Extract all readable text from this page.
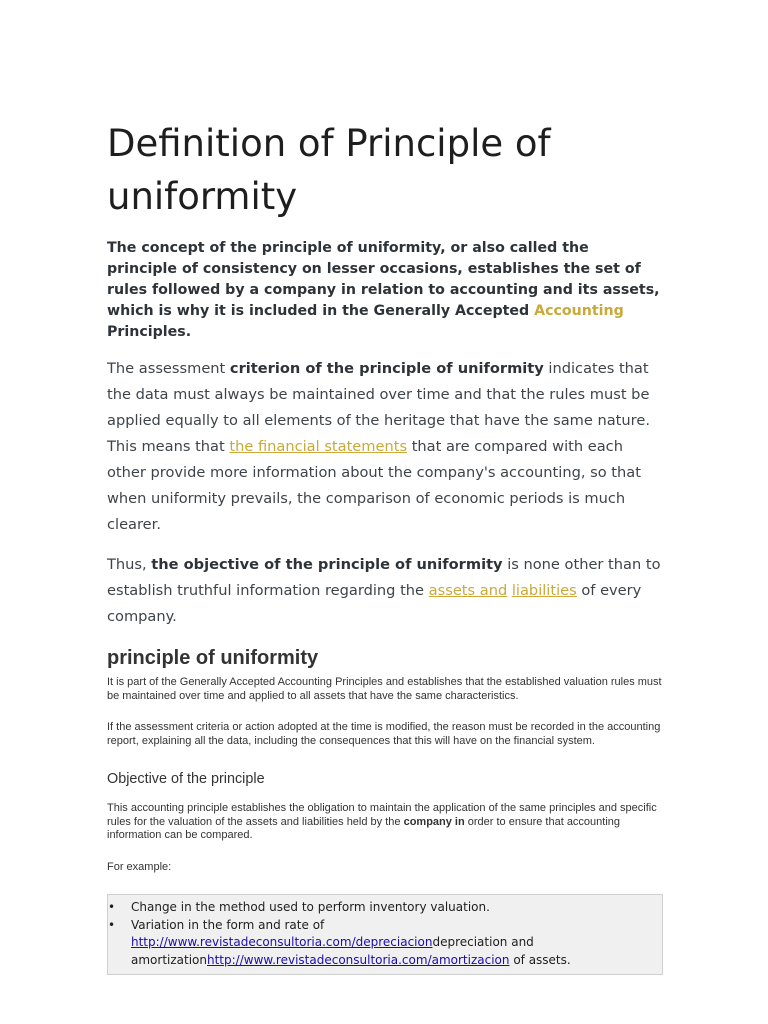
Definition of Principle of uniformity

The concept of the principle of uniformity, or also called the principle of consistency on lesser occasions, establishes the set of rules followed by a company in relation to accounting and its assets, which is why it is included in the Generally Accepted Accounting Principles.

The assessment criterion of the principle of uniformity indicates that the data must always be maintained over time and that the rules must be applied equally to all elements of the heritage that have the same nature. This means that the financial statements that are compared with each other provide more information about the company's accounting, so that when uniformity prevails, the comparison of economic periods is much clearer.

Thus, the objective of the principle of uniformity is none other than to establish truthful information regarding the assets and liabilities of every company.

principle of uniformity

It is part of the Generally Accepted Accounting Principles and establishes that the established valuation rules must be maintained over time and applied to all assets that have the same characteristics.

If the assessment criteria or action adopted at the time is modified, the reason must be recorded in the accounting report, explaining all the data, including the consequences that this will have on the financial system.

Objective of the principle

This accounting principle establishes the obligation to maintain the application of the same principles and specific rules for the valuation of the assets and liabilities held by the company in order to ensure that accounting information can be compared.

For example:

• Change in the method used to perform inventory valuation.
• Variation in the form and rate of http://www.revistadeconsultoria.com/depreciaciondepreciation and amortizationhttp://www.revistadeconsultoria.com/amortizacion of assets.
